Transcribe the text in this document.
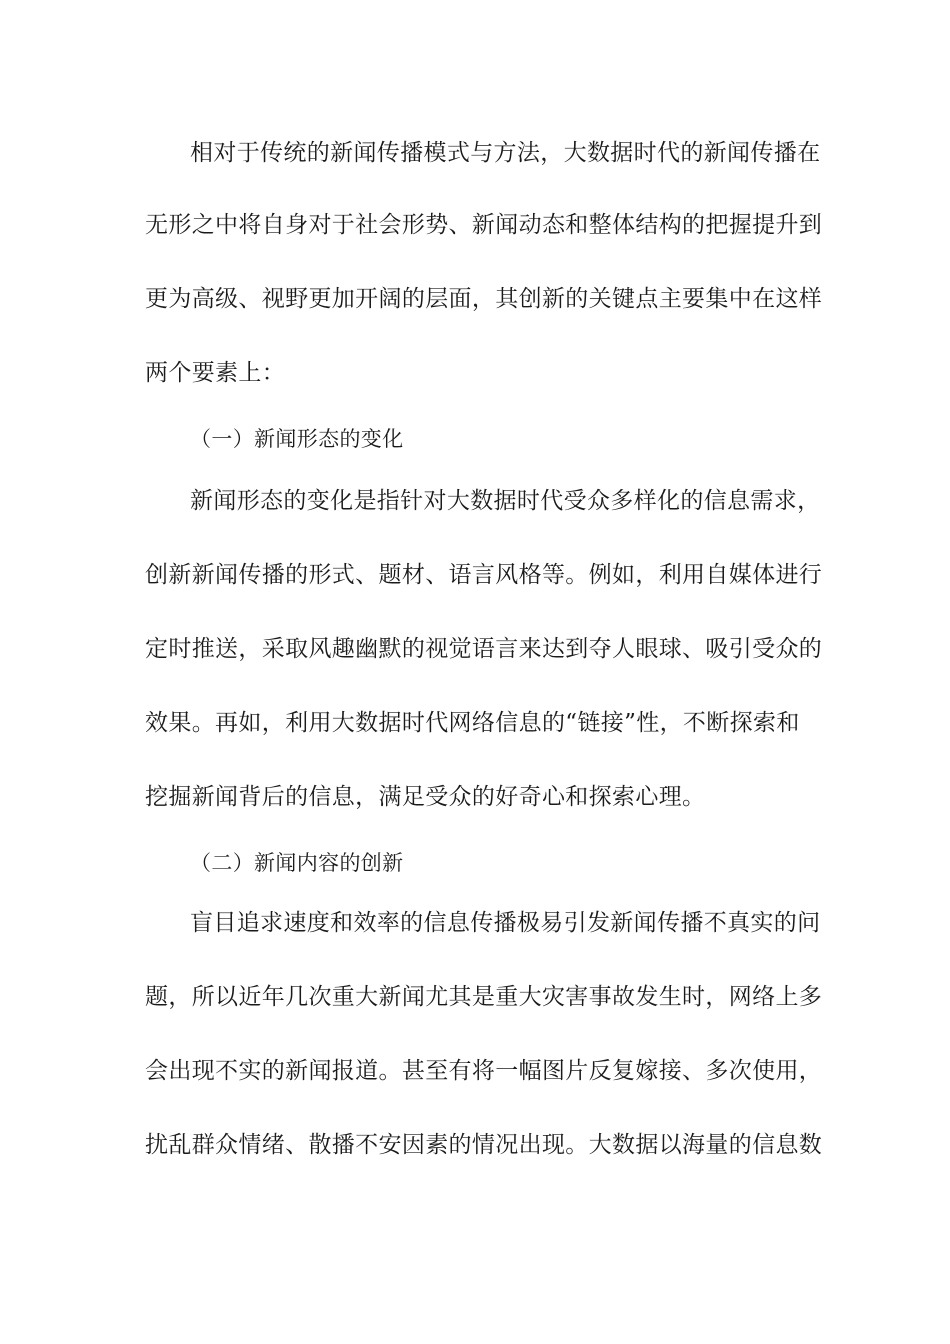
相对于传统的新闻传播模式与方法，大数据时代的新闻传播在
无形之中将自身对于社会形势、新闻动态和整体结构的把握提升到
更为高级、视野更加开阔的层面，其创新的关键点主要集中在这样
两个要素上：
（一）新闻形态的变化
新闻形态的变化是指针对大数据时代受众多样化的信息需求，
创新新闻传播的形式、题材、语言风格等。例如，利用自媒体进行
定时推送，采取风趣幽默的视觉语言来达到夺人眼球、吸引受众的
效果。再如，利用大数据时代网络信息的“链接”性，不断探索和
挖掘新闻背后的信息，满足受众的好奇心和探索心理。
（二）新闻内容的创新
盲目追求速度和效率的信息传播极易引发新闻传播不真实的问
题，所以近年几次重大新闻尤其是重大灾害事故发生时，网络上多
会出现不实的新闻报道。甚至有将一幅图片反复嫁接、多次使用，
扰乱群众情绪、散播不安因素的情况出现。大数据以海量的信息数
